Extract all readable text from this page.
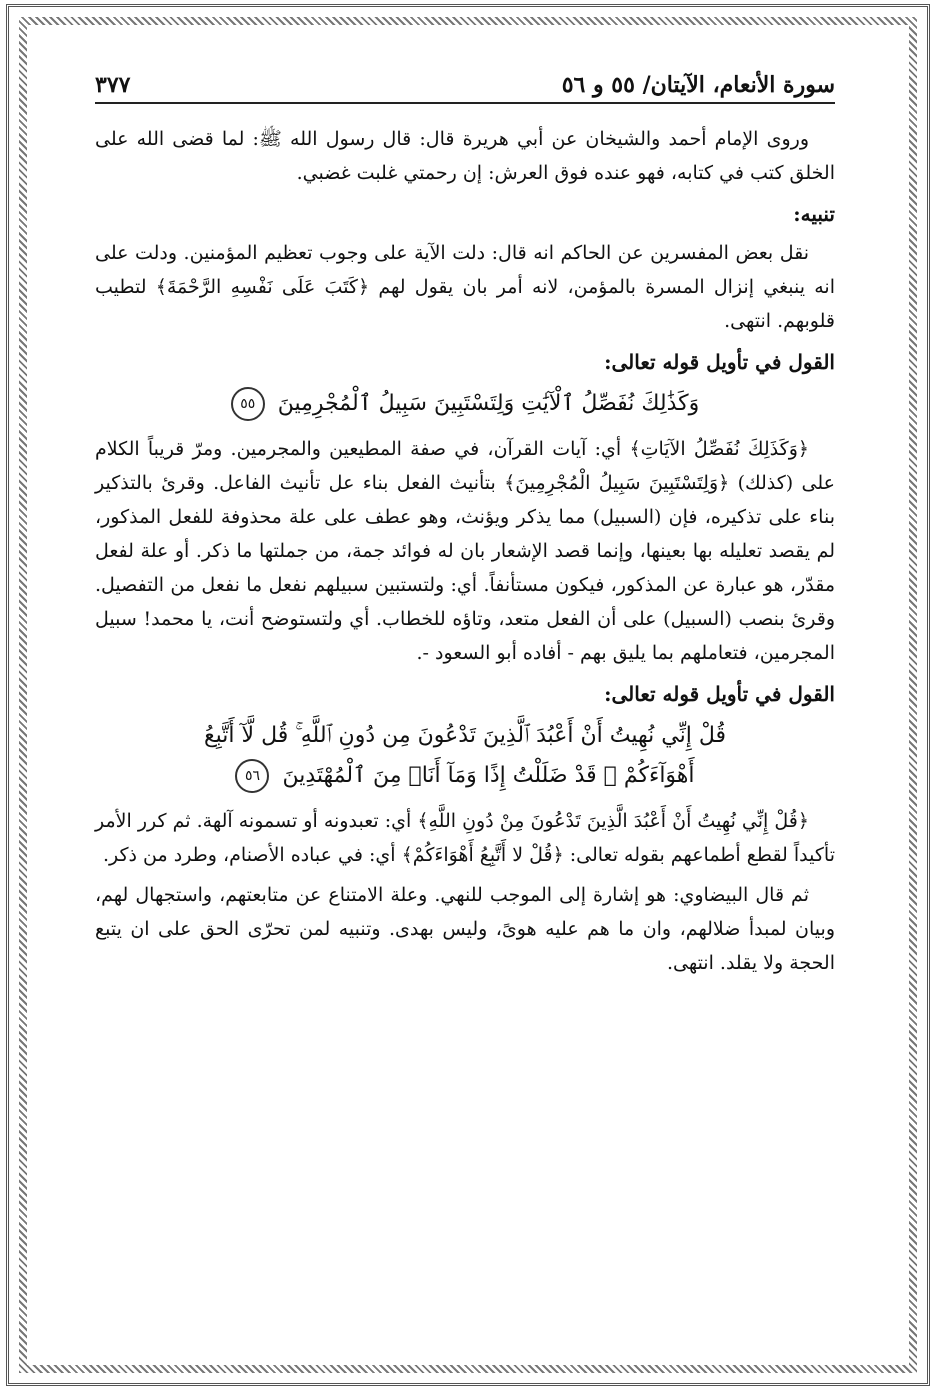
سورة الأنعام، الآيتان/ ٥٥ و ٥٦
٣٧٧

وروى الإمام أحمد والشيخان عن أبي هريرة قال: قال رسول الله ﷺ: لما قضى الله على الخلق كتب في كتابه، فهو عنده فوق العرش: إن رحمتي غلبت غضبي.

تنبيه:

نقل بعض المفسرين عن الحاكم انه قال: دلت الآية على وجوب تعظيم المؤمنين. ودلت على انه ينبغي إنزال المسرة بالمؤمن، لانه أمر بان يقول لهم ﴿كَتَبَ عَلَى نَفْسِهِ الرَّحْمَةَ﴾ لتطيب قلوبهم. انتهى.

القول في تأويل قوله تعالى:
وَكَذَٰلِكَ نُفَصِّلُ ٱلْآيَٰتِ وَلِتَسْتَبِينَ سَبِيلُ ٱلْمُجْرِمِينَ ٥٥

﴿وَكَذَلِكَ نُفَصِّلُ الآيَاتِ﴾ أي: آيات القرآن، في صفة المطيعين والمجرمين. ومرّ قريباً الكلام على (كذلك) ﴿وَلِتَسْتَبِينَ سَبِيلُ الْمُجْرِمِينَ﴾ بتأنيث الفعل بناء عل تأنيث الفاعل. وقرئ بالتذكير بناء على تذكيره، فإن (السبيل) مما يذكر ويؤنث، وهو عطف على علة محذوفة للفعل المذكور، لم يقصد تعليله بها بعينها، وإنما قصد الإشعار بان له فوائد جمة، من جملتها ما ذكر. أو علة لفعل مقدّر، هو عبارة عن المذكور، فيكون مستأنفاً. أي: ولتستبين سبيلهم نفعل ما نفعل من التفصيل. وقرئ بنصب (السبيل) على أن الفعل متعد، وتاؤه للخطاب. أي ولتستوضح أنت، يا محمد! سبيل المجرمين، فتعاملهم بما يليق بهم - أفاده أبو السعود -.

القول في تأويل قوله تعالى:
قُلْ إِنِّي نُهِيتُ أَنْ أَعْبُدَ ٱلَّذِينَ تَدْعُونَ مِن دُونِ ٱللَّهِ ۚ قُل لَّآ أَتَّبِعُ
أَهْوَآءَكُمْ ۙ قَدْ ضَلَلْتُ إِذًا وَمَآ أَنَا۠ مِنَ ٱلْمُهْتَدِينَ ٥٦

﴿قُلْ إِنِّي نُهِيتُ أَنْ أَعْبُدَ الَّذِينَ تَدْعُونَ مِنْ دُونِ اللَّهِ﴾ أي: تعبدونه أو تسمونه آلهة. ثم كرر الأمر تأكيداً لقطع أطماعهم بقوله تعالى: ﴿قُلْ لا أَتَّبِعُ أَهْوَاءَكُمْ﴾ أي: في عباده الأصنام، وطرد من ذكر.

ثم قال البيضاوي: هو إشارة إلى الموجب للنهي. وعلة الامتناع عن متابعتهم، واستجهال لهم، وبيان لمبدأ ضلالهم، وان ما هم عليه هوىً، وليس بهدى. وتنبيه لمن تحرّى الحق على ان يتبع الحجة ولا يقلد. انتهى.
